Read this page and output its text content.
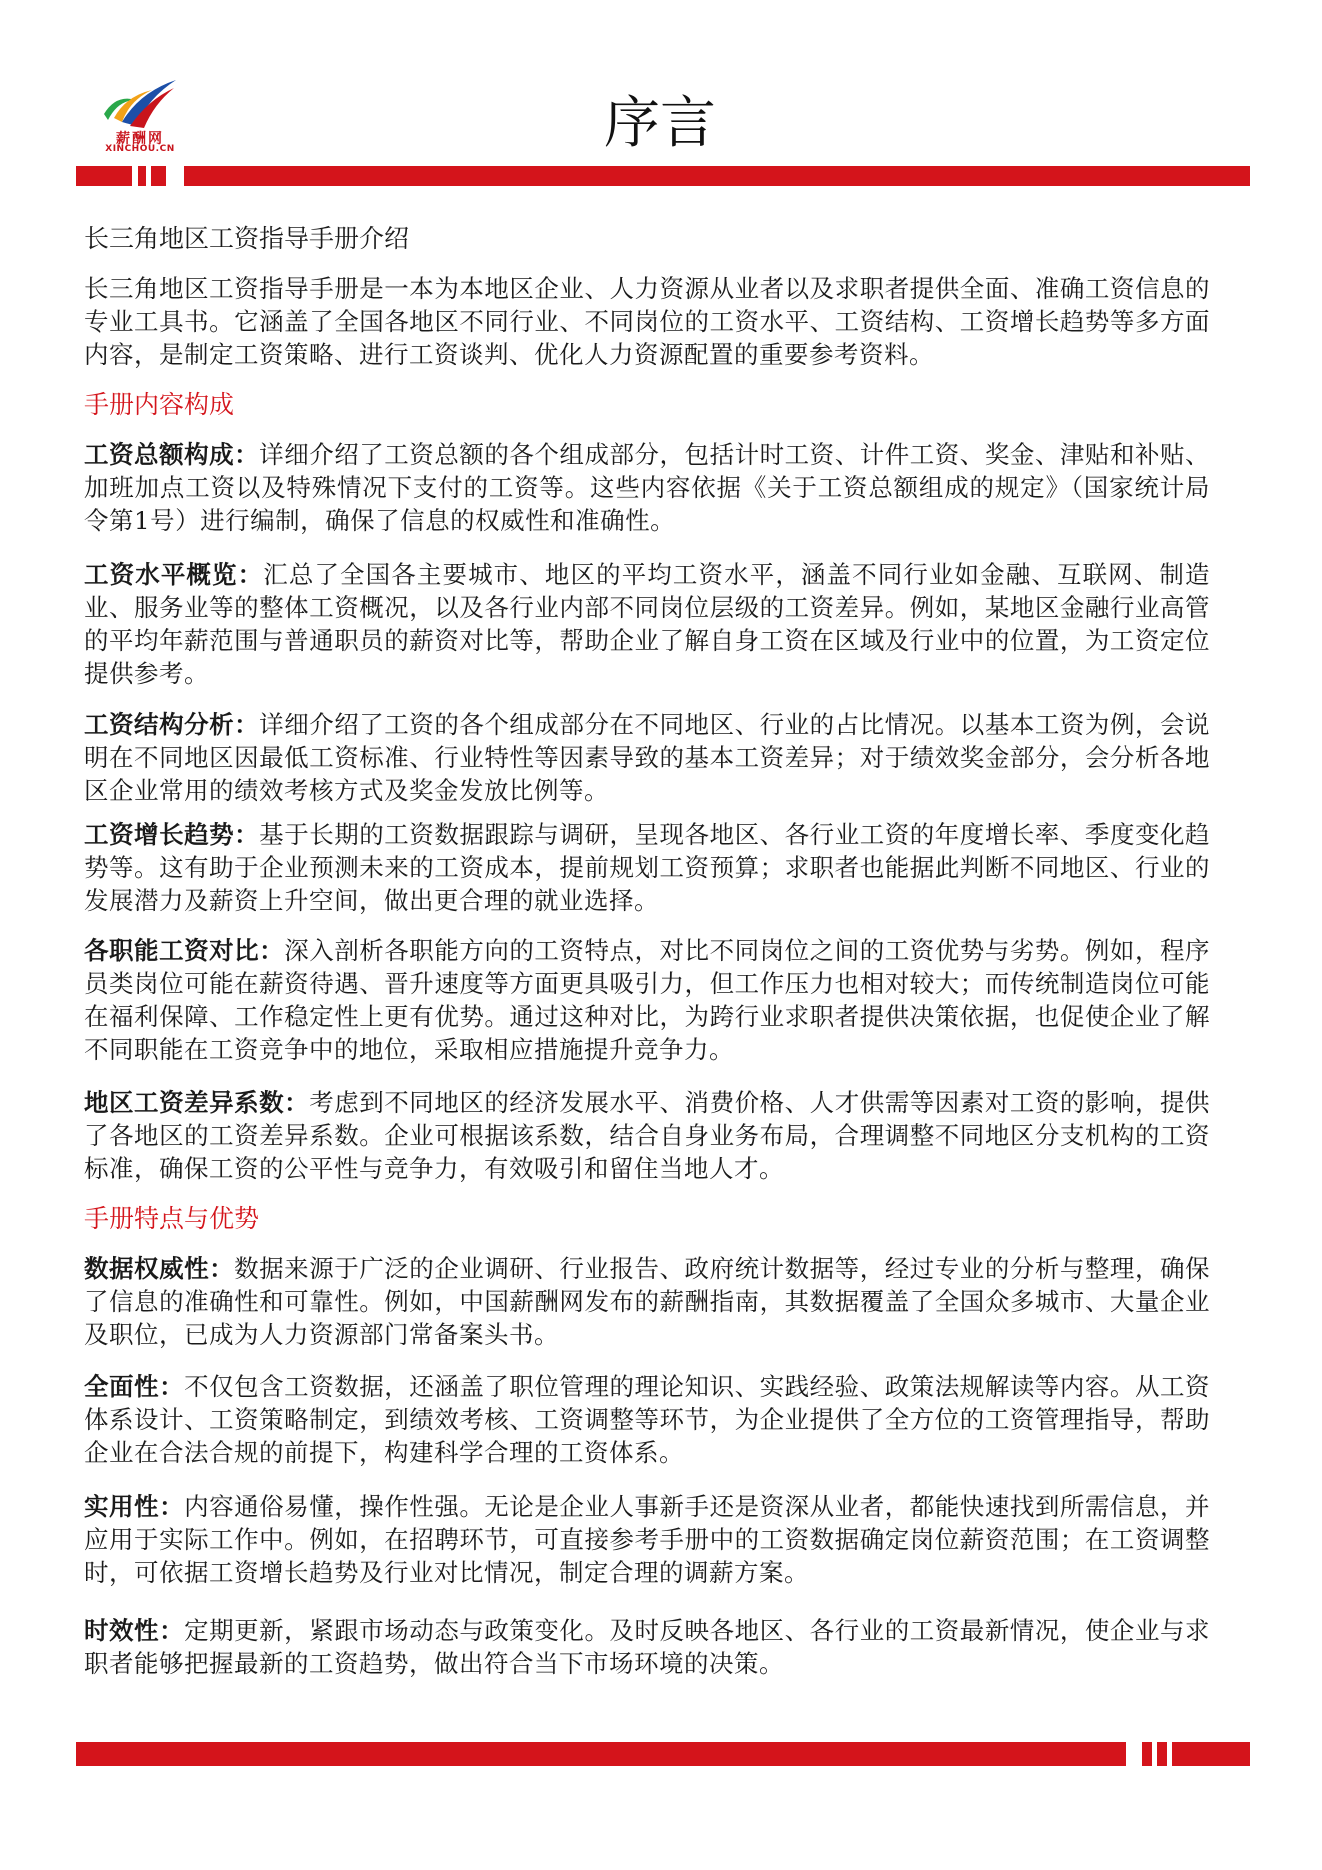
薪酬网
XINCHOU.CN	序言
长三角地区工资指导手册介绍

长三角地区工资指导手册是一本为本地区企业、人力资源从业者以及求职者提供全面、准确工资信息的专业工具书。它涵盖了全国各地区不同行业、不同岗位的工资水平、工资结构、工资增长趋势等多方面内容，是制定工资策略、进行工资谈判、优化人力资源配置的重要参考资料。

手册内容构成

工资总额构成：详细介绍了工资总额的各个组成部分，包括计时工资、计件工资、奖金、津贴和补贴、加班加点工资以及特殊情况下支付的工资等。这些内容依据《关于工资总额组成的规定》（国家统计局令第1号）进行编制，确保了信息的权威性和准确性。

工资水平概览：汇总了全国各主要城市、地区的平均工资水平，涵盖不同行业如金融、互联网、制造业、服务业等的整体工资概况，以及各行业内部不同岗位层级的工资差异。例如，某地区金融行业高管的平均年薪范围与普通职员的薪资对比等，帮助企业了解自身工资在区域及行业中的位置，为工资定位提供参考。

工资结构分析：详细介绍了工资的各个组成部分在不同地区、行业的占比情况。以基本工资为例，会说明在不同地区因最低工资标准、行业特性等因素导致的基本工资差异；对于绩效奖金部分，会分析各地区企业常用的绩效考核方式及奖金发放比例等。

工资增长趋势：基于长期的工资数据跟踪与调研，呈现各地区、各行业工资的年度增长率、季度变化趋势等。这有助于企业预测未来的工资成本，提前规划工资预算；求职者也能据此判断不同地区、行业的发展潜力及薪资上升空间，做出更合理的就业选择。

各职能工资对比：深入剖析各职能方向的工资特点，对比不同岗位之间的工资优势与劣势。例如，程序员类岗位可能在薪资待遇、晋升速度等方面更具吸引力，但工作压力也相对较大；而传统制造岗位可能在福利保障、工作稳定性上更有优势。通过这种对比，为跨行业求职者提供决策依据，也促使企业了解不同职能在工资竞争中的地位，采取相应措施提升竞争力。

地区工资差异系数：考虑到不同地区的经济发展水平、消费价格、人才供需等因素对工资的影响，提供了各地区的工资差异系数。企业可根据该系数，结合自身业务布局，合理调整不同地区分支机构的工资标准，确保工资的公平性与竞争力，有效吸引和留住当地人才。

手册特点与优势

数据权威性：数据来源于广泛的企业调研、行业报告、政府统计数据等，经过专业的分析与整理，确保了信息的准确性和可靠性。例如，中国薪酬网发布的薪酬指南，其数据覆盖了全国众多城市、大量企业及职位，已成为人力资源部门常备案头书。

全面性：不仅包含工资数据，还涵盖了职位管理的理论知识、实践经验、政策法规解读等内容。从工资体系设计、工资策略制定，到绩效考核、工资调整等环节，为企业提供了全方位的工资管理指导，帮助企业在合法合规的前提下，构建科学合理的工资体系。

实用性：内容通俗易懂，操作性强。无论是企业人事新手还是资深从业者，都能快速找到所需信息，并应用于实际工作中。例如，在招聘环节，可直接参考手册中的工资数据确定岗位薪资范围；在工资调整时，可依据工资增长趋势及行业对比情况，制定合理的调薪方案。

时效性：定期更新，紧跟市场动态与政策变化。及时反映各地区、各行业的工资最新情况，使企业与求职者能够把握最新的工资趋势，做出符合当下市场环境的决策。
